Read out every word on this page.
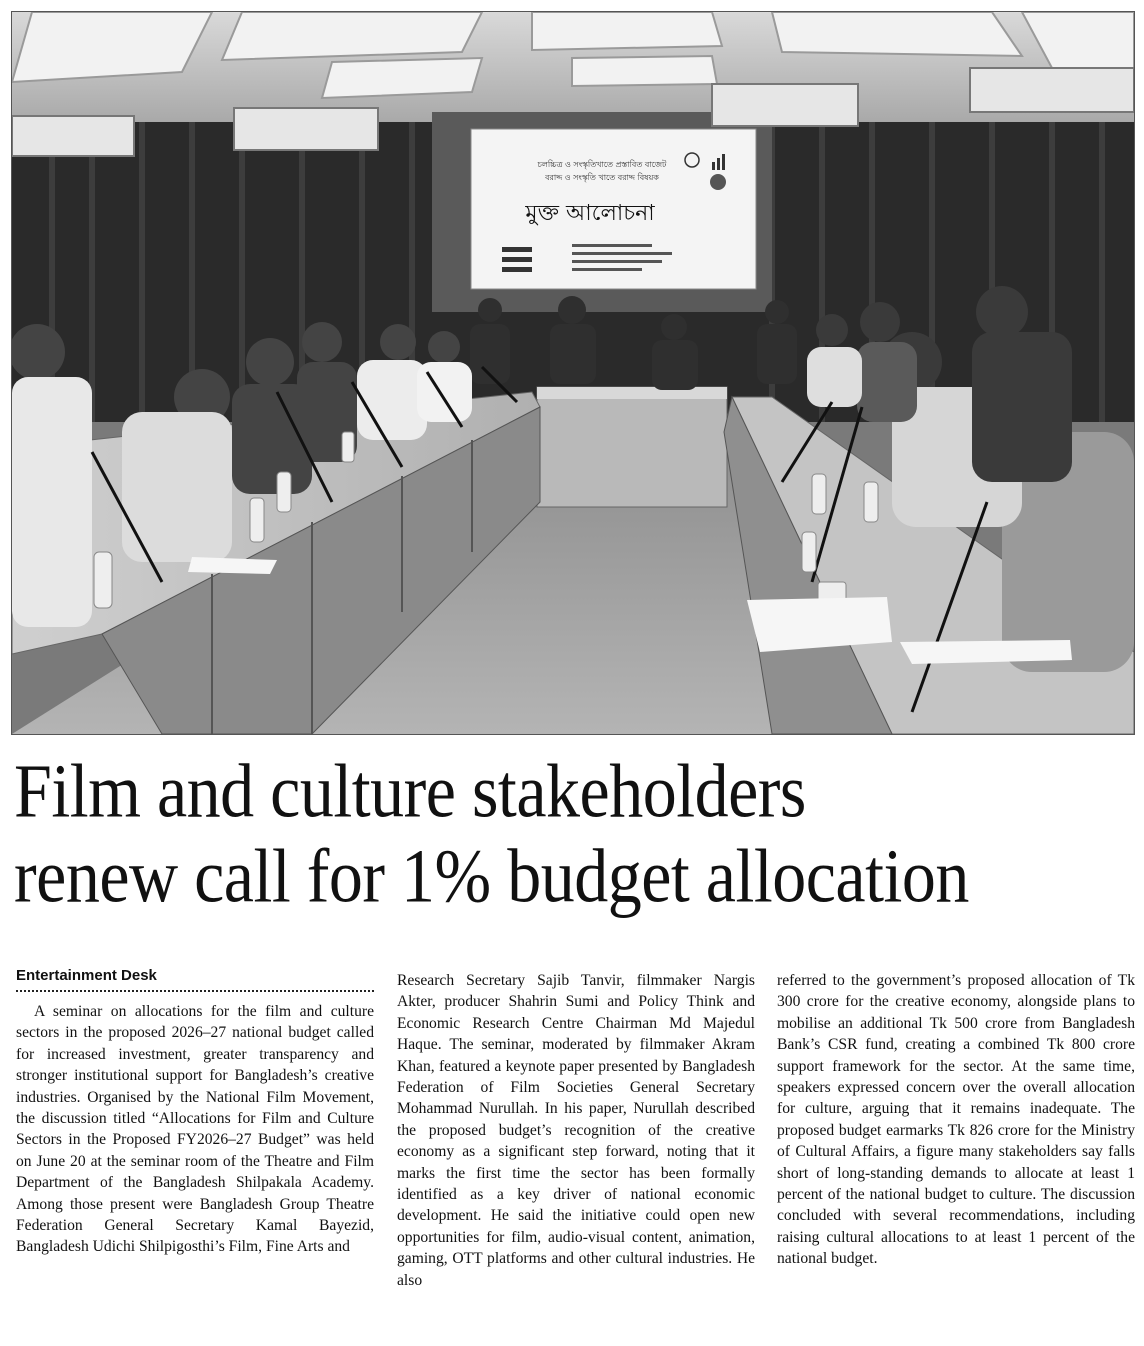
চলচ্চিত্র ও সংস্কৃতিখাতে প্রস্তাবিত বাজেট
বরাদ্দ ও সংস্কৃতি খাতে বরাদ্দ বিষয়ক
মুক্ত আলোচনা
Film and culture stakeholders
renew call for 1% budget allocation
Entertainment Desk

A seminar on allocations for the film and culture sectors in the proposed 2026–27 national budget called for increased investment, greater transparency and stronger institutional support for Bangladesh’s creative industries. Organised by the National Film Movement, the discussion titled “Allocations for Film and Culture Sectors in the Proposed FY2026–27 Budget” was held on June 20 at the seminar room of the Theatre and Film Department of the Bangladesh Shilpakala Academy. Among those present were Bangladesh Group Theatre Federation General Secretary Kamal Bayezid, Bangladesh Udichi Shilpigosthi’s Film, Fine Arts and

Research Secretary Sajib Tanvir, filmmaker Nargis Akter, producer Shahrin Sumi and Policy Think and Economic Research Centre Chairman Md Majedul Haque. The seminar, moderated by filmmaker Akram Khan, featured a keynote paper presented by Bangladesh Federation of Film Societies General Secretary Mohammad Nurullah. In his paper, Nurullah described the proposed budget’s recognition of the creative economy as a significant step forward, noting that it marks the first time the sector has been formally identified as a key driver of national economic development. He said the initiative could open new opportunities for film, audio-visual content, animation, gaming, OTT platforms and other cultural industries. He also

referred to the government’s proposed allocation of Tk 300 crore for the creative economy, alongside plans to mobilise an additional Tk 500 crore from Bangladesh Bank’s CSR fund, creating a combined Tk 800 crore support framework for the sector. At the same time, speakers expressed concern over the overall allocation for culture, arguing that it remains inadequate. The proposed budget earmarks Tk 826 crore for the Ministry of Cultural Affairs, a figure many stakeholders say falls short of long-standing demands to allocate at least 1 percent of the national budget to culture. The discussion concluded with several recommendations, including raising cultural allocations to at least 1 percent of the national budget.
